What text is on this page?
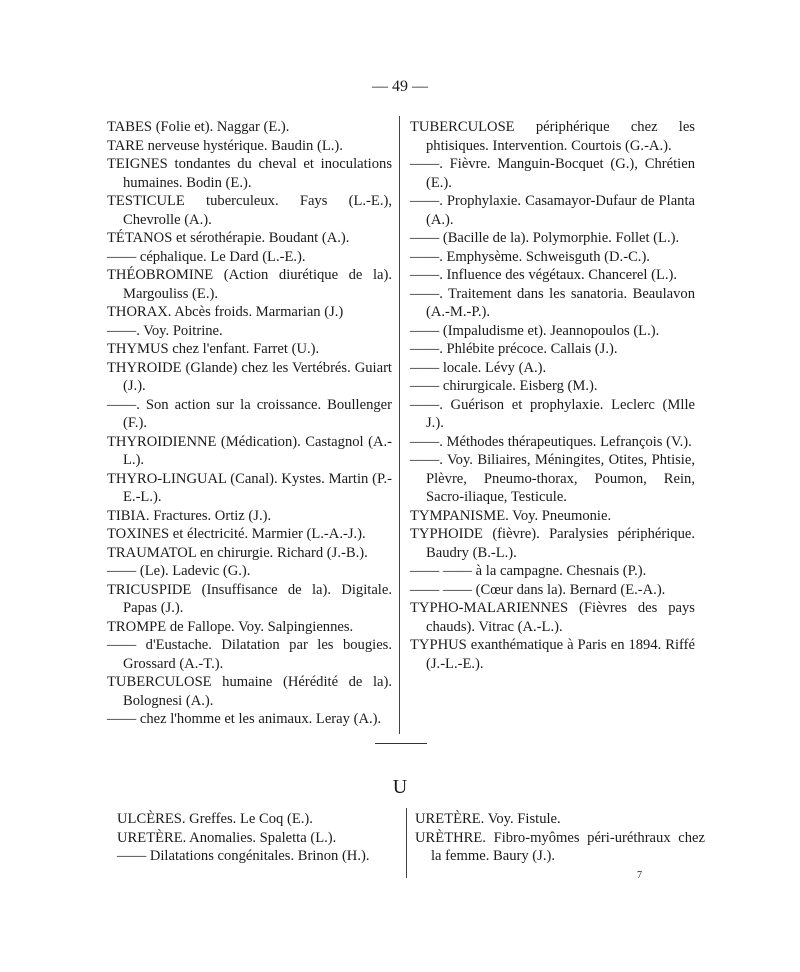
— 49 —

TABES (Folie et). Naggar (E.).

TARE nerveuse hystérique. Baudin (L.).

TEIGNES tondantes du cheval et inoculations humaines. Bodin (E.).

TESTICULE tuberculeux. Fays (L.-E.), Chevrolle (A.).

TÉTANOS et sérothérapie. Boudant (A.).

—— céphalique. Le Dard (L.-E.).

THÉOBROMINE (Action diurétique de la). Margouliss (E.).

THORAX. Abcès froids. Marmarian (J.)

——. Voy. Poitrine.

THYMUS chez l'enfant. Farret (U.).

THYROIDE (Glande) chez les Vertébrés. Guiart (J.).

——. Son action sur la croissance. Boullenger (F.).

THYROIDIENNE (Médication). Castagnol (A.-L.).

THYRO-LINGUAL (Canal). Kystes. Martin (P.-E.-L.).

TIBIA. Fractures. Ortiz (J.).

TOXINES et électricité. Marmier (L.-A.-J.).

TRAUMATOL en chirurgie. Richard (J.-B.).

—— (Le). Ladevic (G.).

TRICUSPIDE (Insuffisance de la). Digitale. Papas (J.).

TROMPE de Fallope. Voy. Salpingiennes.

—— d'Eustache. Dilatation par les bougies. Grossard (A.-T.).

TUBERCULOSE humaine (Hérédité de la). Bolognesi (A.).

—— chez l'homme et les animaux. Leray (A.).

TUBERCULOSE périphérique chez les phtisiques. Intervention. Courtois (G.-A.).

——. Fièvre. Manguin-Bocquet (G.), Chrétien (E.).

——. Prophylaxie. Casamayor-Dufaur de Planta (A.).

—— (Bacille de la). Polymorphie. Follet (L.).

——. Emphysème. Schweisguth (D.-C.).

——. Influence des végétaux. Chancerel (L.).

——. Traitement dans les sanatoria. Beaulavon (A.-M.-P.).

—— (Impaludisme et). Jeannopoulos (L.).

——. Phlébite précoce. Callais (J.).

—— locale. Lévy (A.).

—— chirurgicale. Eisberg (M.).

——. Guérison et prophylaxie. Leclerc (Mlle J.).

——. Méthodes thérapeutiques. Lefrançois (V.).

——. Voy. Biliaires, Méningites, Otites, Phtisie, Plèvre, Pneumo-thorax, Poumon, Rein, Sacro-iliaque, Testicule.

TYMPANISME. Voy. Pneumonie.

TYPHOIDE (fièvre). Paralysies périphérique. Baudry (B.-L.).

—— —— à la campagne. Chesnais (P.).

—— —— (Cœur dans la). Bernard (E.-A.).

TYPHO-MALARIENNES (Fièvres des pays chauds). Vitrac (A.-L.).

TYPHUS exanthématique à Paris en 1894. Riffé (J.-L.-E.).

U

ULCÈRES. Greffes. Le Coq (E.).

URETÈRE. Anomalies. Spaletta (L.).

—— Dilatations congénitales. Brinon (H.).

URETÈRE. Voy. Fistule.

URÈTHRE. Fibro-myômes péri-uréthraux chez la femme. Baury (J.).

7
